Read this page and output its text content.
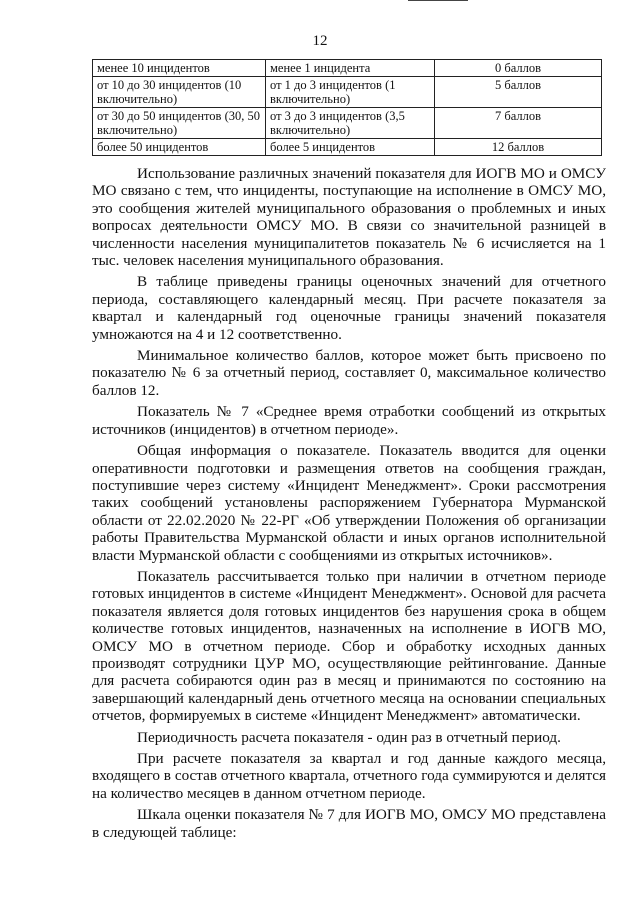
12
менее 10 инцидентов	менее 1 инцидента	0 баллов
от 10 до 30 инцидентов (10 включительно)	от 1 до 3 инцидентов (1 включительно)	5 баллов
от 30 до 50 инцидентов (30, 50 включительно)	от 3 до 3 инцидентов (3,5 включительно)	7 баллов
более 50 инцидентов	более 5 инцидентов	12 баллов

Использование различных значений показателя для ИОГВ МО и ОМСУ МО связано с тем, что инциденты, поступающие на исполнение в ОМСУ МО, это сообщения жителей муниципального образования о проблемных и иных вопросах деятельности ОМСУ МО. В связи со значительной разницей в численности населения муниципалитетов показатель № 6 исчисляется на 1 тыс. человек населения муниципального образования.

В таблице приведены границы оценочных значений для отчетного периода, составляющего календарный месяц. При расчете показателя за квартал и календарный год оценочные границы значений показателя умножаются на 4 и 12 соответственно.

Минимальное количество баллов, которое может быть присвоено по показателю № 6 за отчетный период, составляет 0, максимальное количество баллов 12.

Показатель № 7 «Среднее время отработки сообщений из открытых источников (инцидентов) в отчетном периоде».

Общая информация о показателе. Показатель вводится для оценки оперативности подготовки и размещения ответов на сообщения граждан, поступившие через систему «Инцидент Менеджмент». Сроки рассмотрения таких сообщений установлены распоряжением Губернатора Мурманской области от 22.02.2020 № 22-РГ «Об утверждении Положения об организации работы Правительства Мурманской области и иных органов исполнительной власти Мурманской области с сообщениями из открытых источников».

Показатель рассчитывается только при наличии в отчетном периоде готовых инцидентов в системе «Инцидент Менеджмент». Основой для расчета показателя является доля готовых инцидентов без нарушения срока в общем количестве готовых инцидентов, назначенных на исполнение в ИОГВ МО, ОМСУ МО в отчетном периоде. Сбор и обработку исходных данных производят сотрудники ЦУР МО, осуществляющие рейтингование. Данные для расчета собираются один раз в месяц и принимаются по состоянию на завершающий календарный день отчетного месяца на основании специальных отчетов, формируемых в системе «Инцидент Менеджмент» автоматически.

Периодичность расчета показателя - один раз в отчетный период.

При расчете показателя за квартал и год данные каждого месяца, входящего в состав отчетного квартала, отчетного года суммируются и делятся на количество месяцев в данном отчетном периоде.

Шкала оценки показателя № 7 для ИОГВ МО, ОМСУ МО представлена в следующей таблице:
